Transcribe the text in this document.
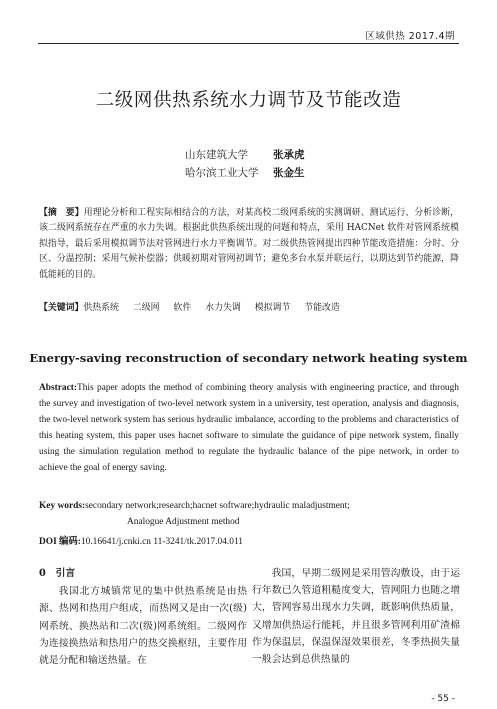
区域供热 2017.4期
二级网供热系统水力调节及节能改造
山东建筑大学	张承虎
哈尔滨工业大学	张金生
【摘　要】用理论分析和工程实际相结合的方法，对某高校二级网系统的实测调研、测试运行、分析诊断，该二级网系统存在严重的水力失调。根据此供热系统出现的问题和特点，采用 HACNet 软件对管网系统模拟指导，最后采用模拟调节法对管网进行水力平衡调节。对二级供热管网提出四种节能改造措施：分时、分区、分温控制；采用气候补偿器；供暖初期对管网初调节；避免多台水泵并联运行，以期达到节约能源，降低能耗的目的。
【关键词】 供热系统 二级网 软件 水力失调 模拟调节 节能改造
Energy-saving reconstruction of secondary network heating system
Abstract:This paper adopts the method of combining theory analysis with engineering practice, and through the survey and investigation of two-level network system in a university, test operation, analysis and diagnosis, the two-level network system has serious hydraulic imbalance, according to the problems and characteristics of this heating system, this paper uses hacnet software to simulate the guidance of pipe network system, finally using the simulation regulation method to regulate the hydraulic balance of the pipe network, in order to achieve the goal of energy saving.
Key words:secondary network;research;hacnet software;hydraulic maladjustment;
Analogue Adjustment method
DOI 编码:10.16641/j.cnki.cn 11-3241/tk.2017.04.011
0　引言
我国北方城镇常见的集中供热系统是由热源、热网和热用户组成，而热网又是由一次(级)网系统、换热站和二次(级)网系统组。二级网作为连接换热站和热用户的热交换枢纽，主要作用就是分配和输送热量。在
我国，早期二级网是采用管沟敷设，由于运行年数已久管道粗糙度变大，管网阻力也随之增大，管网容易出现水力失调，既影响供热质量，又增加供热运行能耗，并且很多管网利用矿渣棉作为保温层，保温保湿效果很差，冬季热损失量一般会达到总供热量的
- 55 -
